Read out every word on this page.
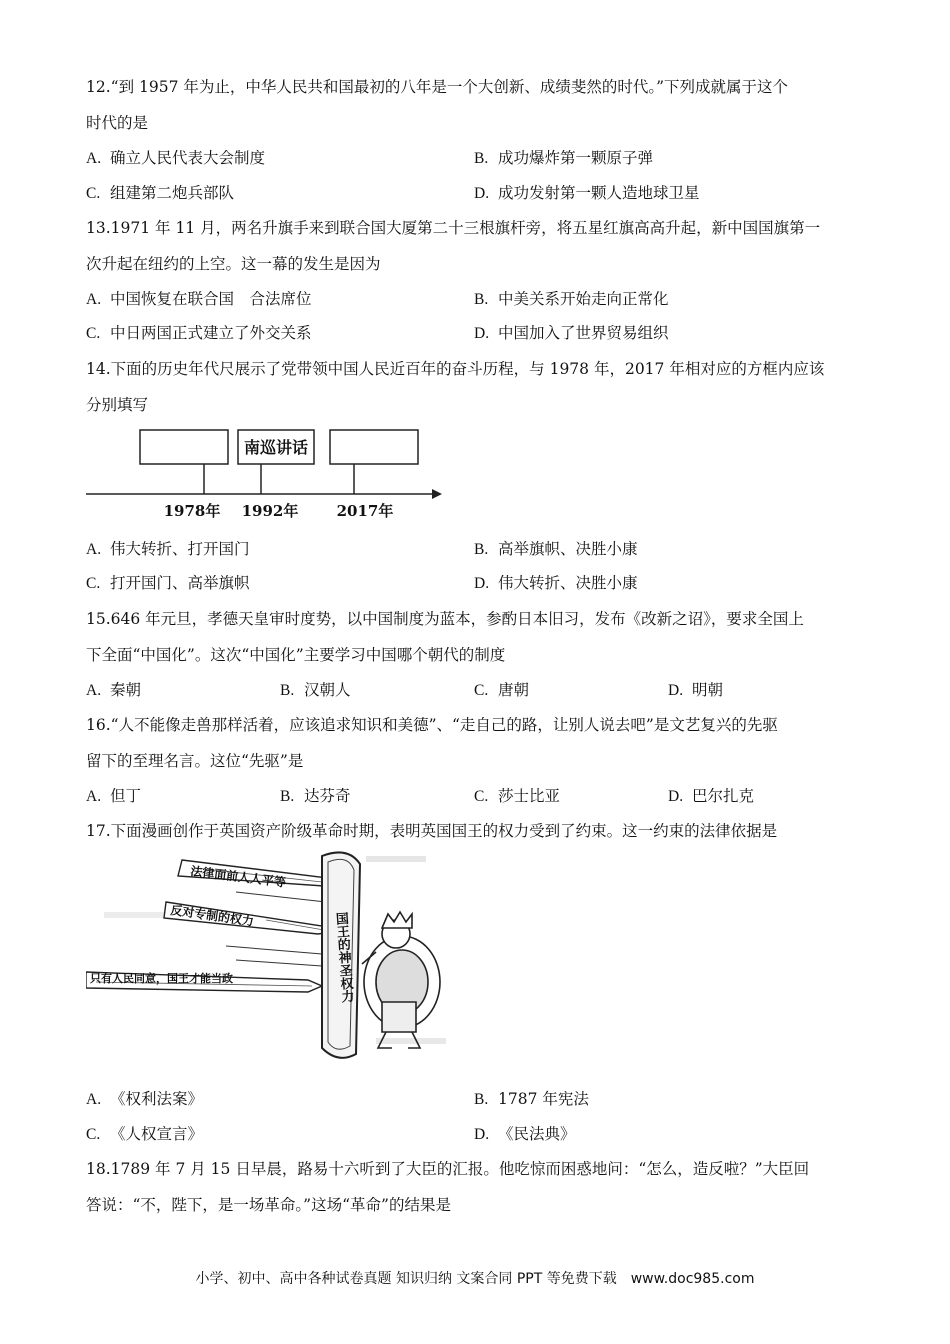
12.“到 1957 年为止，中华人民共和国最初的八年是一个大创新、成绩斐然的时代。”下列成就属于这个
时代的是
A. 确立人民代表大会制度	B. 成功爆炸第一颗原子弹
C. 组建第二炮兵部队	D. 成功发射第一颗人造地球卫星
13.1971 年 11 月，两名升旗手来到联合国大厦第二十三根旗杆旁，将五星红旗高高升起，新中国国旗第一
次升起在纽约的上空。这一幕的发生是因为
A. 中国恢复在联合国　合法席位	B. 中美关系开始走向正常化
C. 中日两国正式建立了外交关系	D. 中国加入了世界贸易组织
14.下面的历史年代尺展示了党带领中国人民近百年的奋斗历程，与 1978 年，2017 年相对应的方框内应该
分别填写
南巡讲话
1978年 1992年	2017年
A. 伟大转折、打开国门	B. 高举旗帜、决胜小康
C. 打开国门、高举旗帜	D. 伟大转折、决胜小康
15.646 年元旦，孝德天皇审时度势，以中国制度为蓝本，参酌日本旧习，发布《改新之诏》，要求全国上
下全面“中国化”。这次“中国化”主要学习中国哪个朝代的制度
A. 秦朝	B. 汉朝人	C. 唐朝	D. 明朝
16.“人不能像走兽那样活着，应该追求知识和美德”、“走自己的路，让别人说去吧”是文艺复兴的先驱
留下的至理名言。这位“先驱”是
A. 但丁	B. 达芬奇	C. 莎士比亚	D. 巴尔扎克
17.下面漫画创作于英国资产阶级革命时期，表明英国国王的权力受到了约束。这一约束的法律依据是
法律面前人人平等
反对专制的权力
只有人民同意，国王才能当政	国王的神圣权力
A. 《权利法案》	B. 1787 年宪法
C. 《人权宣言》	D. 《民法典》
18.1789 年 7 月 15 日早晨，路易十六听到了大臣的汇报。他吃惊而困惑地问：“怎么，造反啦？”大臣回
答说：“不，陛下，是一场革命。”这场“革命”的结果是
小学、初中、高中各种试卷真题 知识归纳 文案合同 PPT 等免费下载　www.doc985.com
